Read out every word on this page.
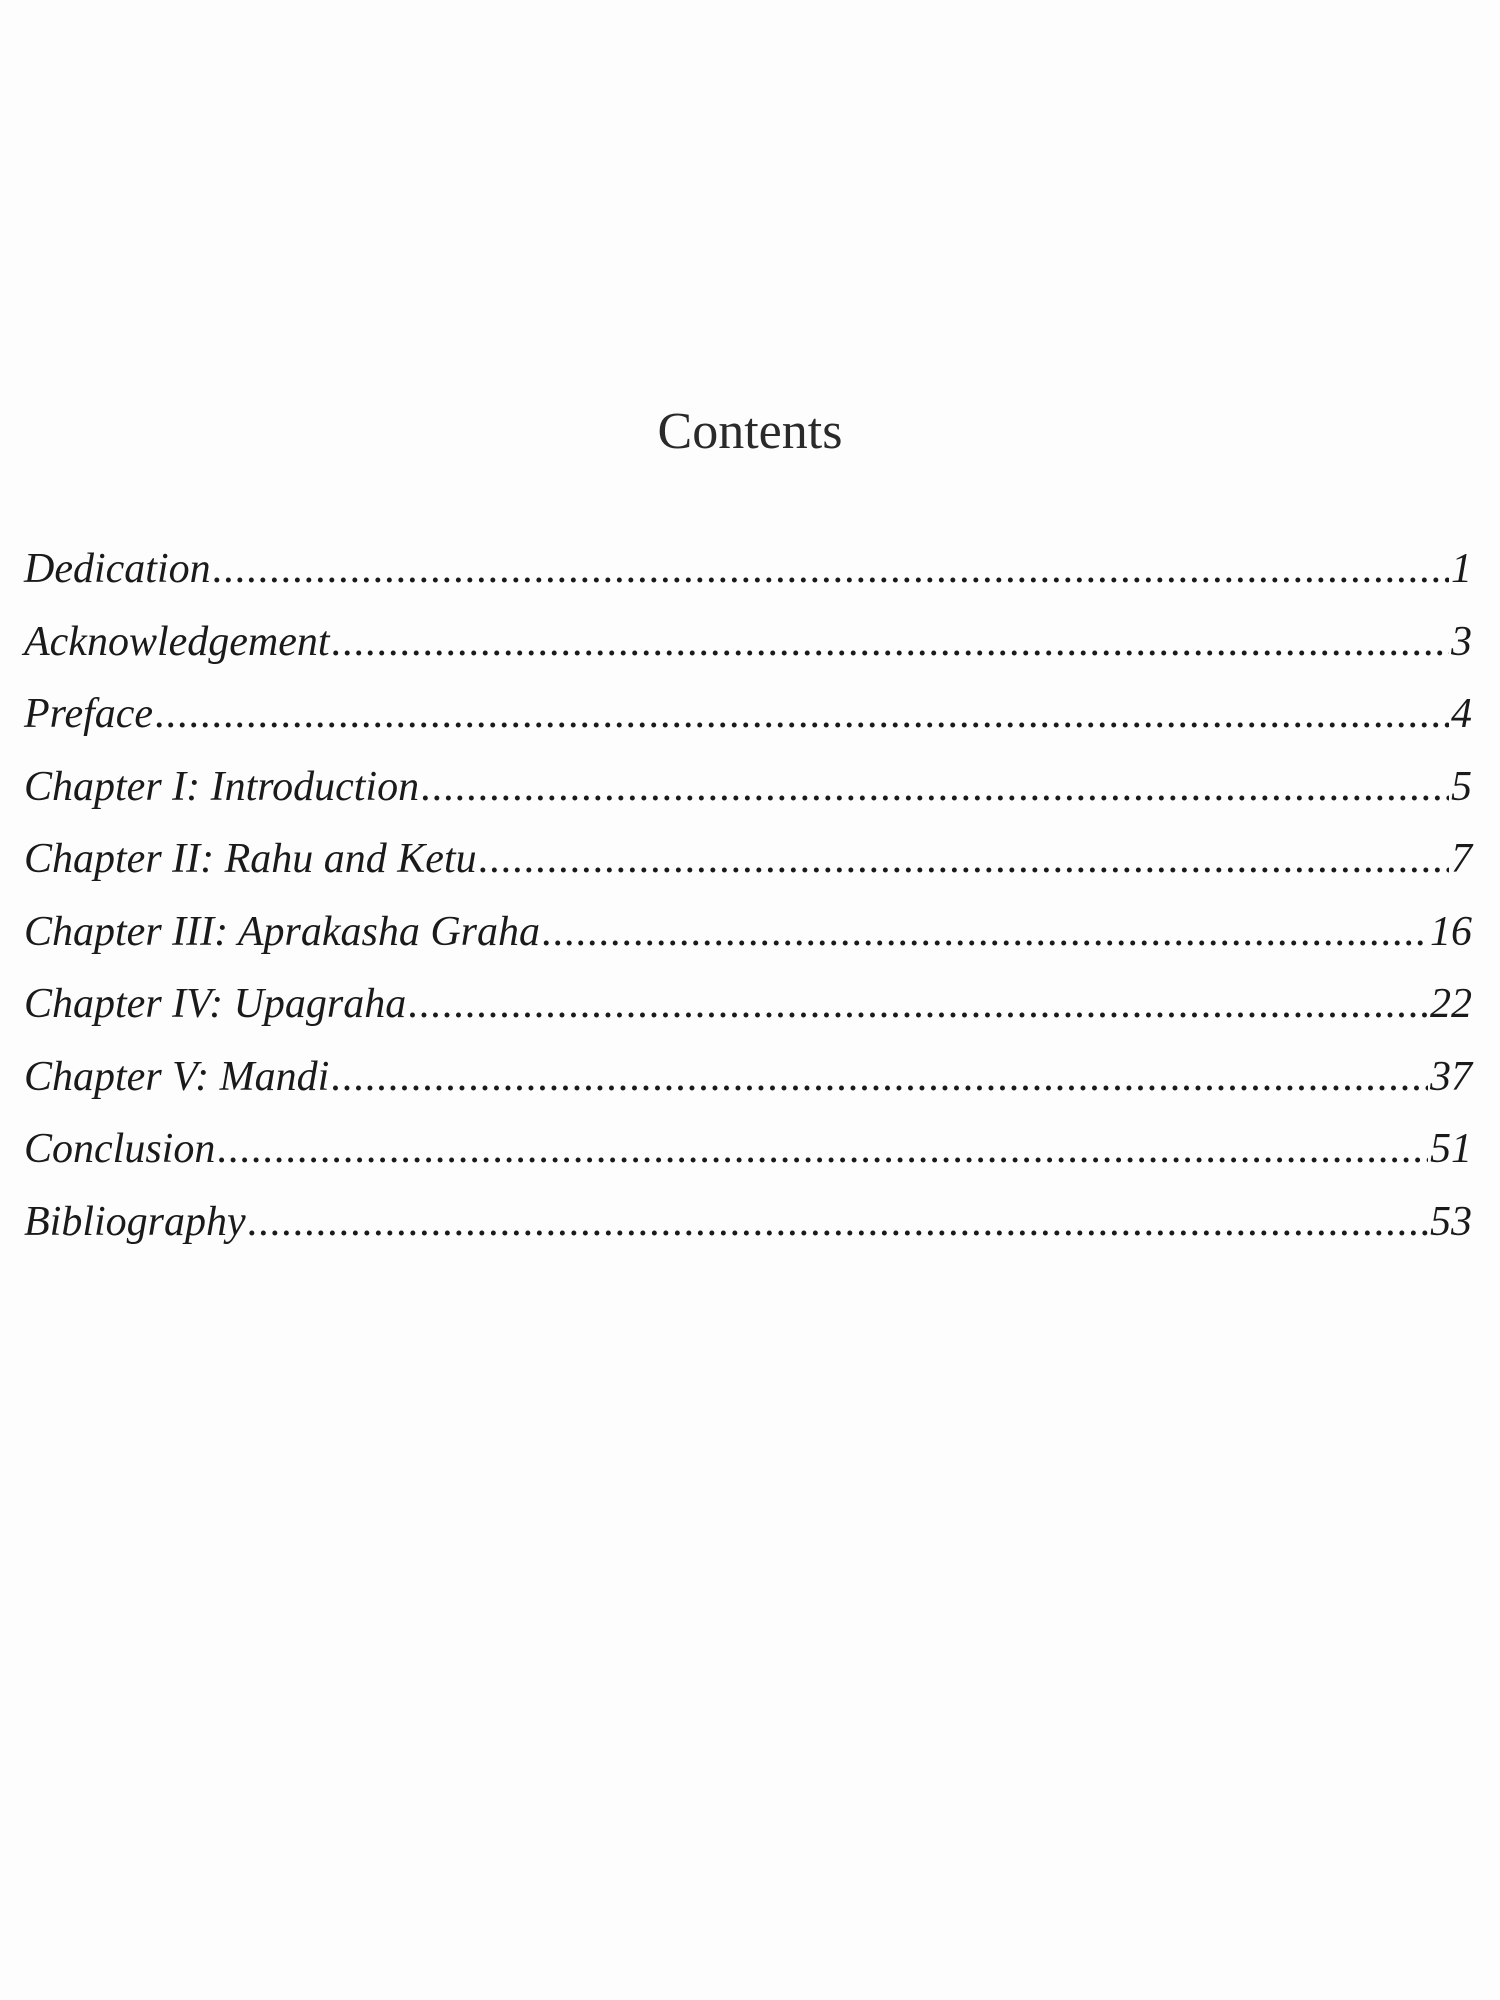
Contents
Dedication .....	1
Acknowledgement .....	3
Preface .....	4
Chapter I: Introduction .....	5
Chapter II: Rahu and Ketu .....	7
Chapter III: Aprakasha Graha .....	16
Chapter IV: Upagraha .....	22
Chapter V: Mandi .....	37
Conclusion .....	51
Bibliography .....	53
